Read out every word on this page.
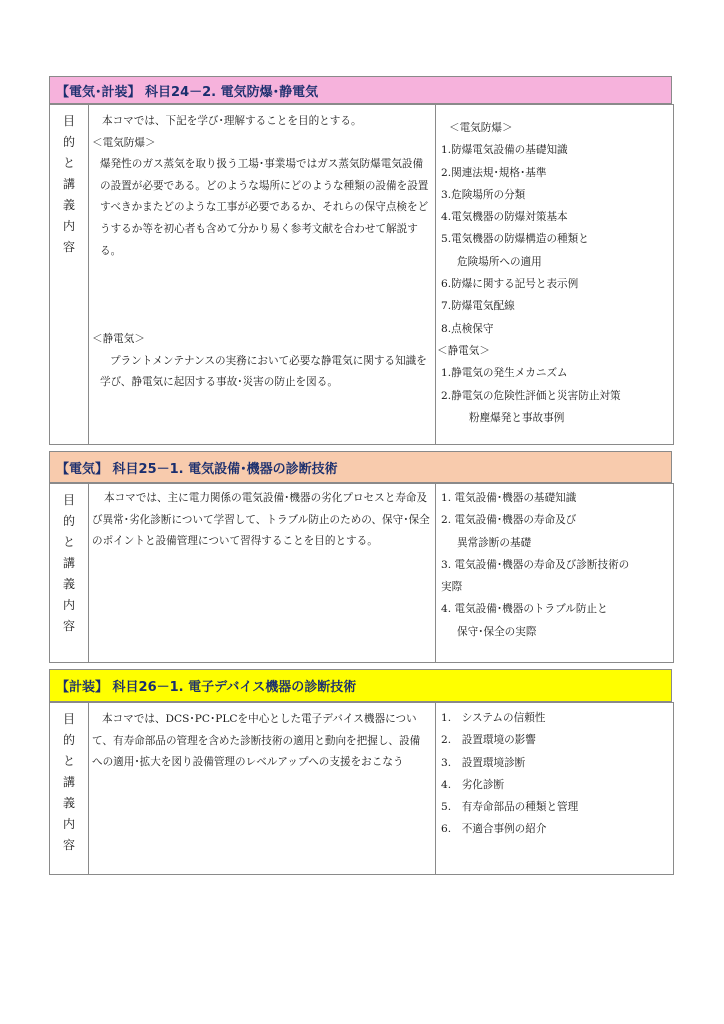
【電気･計装】 科目24－2. 電気防爆･静電気
目
的
と
講
義
内
容

本コマでは、下記を学び･理解することを目的とする。

＜電気防爆＞

爆発性のガス蒸気を取り扱う工場･事業場ではガス蒸気防爆電気設備の設置が必要である。どのような場所にどのような種類の設備を設置すべきかまたどのような工事が必要であるか、それらの保守点検をどうするか等を初心者も含めて分かり易く参考文献を合わせて解説する。

＜静電気＞

プラントメンテナンスの実務において必要な静電気に関する知識を学び、静電気に起因する事故･災害の防止を図る。

＜電気防爆＞
1.防爆電気設備の基礎知識
2.関連法規･規格･基準
3.危険場所の分類
4.電気機器の防爆対策基本
5.電気機器の防爆構造の種類と
危険場所への適用
6.防爆に関する記号と表示例
7.防爆電気配線
8.点検保守
＜静電気＞
1.静電気の発生メカニズム
2.静電気の危険性評価と災害防止対策
粉塵爆発と事故事例
【電気】 科目25－1. 電気設備･機器の診断技術
目
的
と
講
義
内
容

本コマでは、主に電力関係の電気設備･機器の劣化プロセスと寿命及び異常･劣化診断について学習して、トラブル防止のための、保守･保全のポイントと設備管理について習得することを目的とする。

1. 電気設備･機器の基礎知識
2. 電気設備･機器の寿命及び
異常診断の基礎
3. 電気設備･機器の寿命及び診断技術の
実際
4. 電気設備･機器のトラブル防止と
保守･保全の実際
【計装】 科目26－1. 電子デバイス機器の診断技術
目
的
と
講
義
内
容

本コマでは、DCS･PC･PLCを中心とした電子デバイス機器について、有寿命部品の管理を含めた診断技術の適用と動向を把握し、設備への適用･拡大を図り設備管理のレベルアップへの支援をおこなう

1.　システムの信頼性
2.　設置環境の影響
3.　設置環境診断
4.　劣化診断
5.　有寿命部品の種類と管理
6.　不適合事例の紹介
